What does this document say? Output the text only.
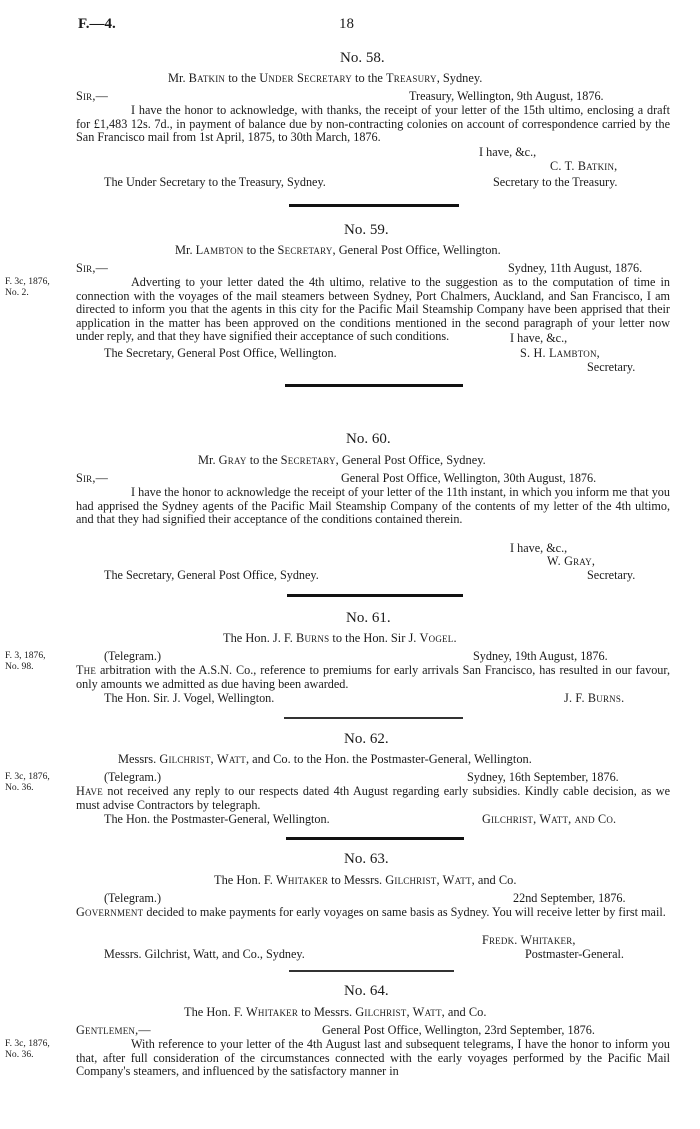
F.—4.	18
No. 58.
Mr. Batkin to the Under Secretary to the Treasury, Sydney.
Sir,—	Treasury, Wellington, 9th August, 1876.
I have the honor to acknowledge, with thanks, the receipt of your letter of the 15th ultimo, enclosing a draft for £1,483 12s. 7d., in payment of balance due by non-contracting colonies on account of correspondence carried by the San Francisco mail from 1st April, 1875, to 30th March, 1876.
I have, &c.,
C. T. Batkin,
The Under Secretary to the Treasury, Sydney.	Secretary to the Treasury.
No. 59.
Mr. Lambton to the Secretary, General Post Office, Wellington.
F. 3c, 1876,
No. 2.
Sir,—	Sydney, 11th August, 1876.
Adverting to your letter dated the 4th ultimo, relative to the suggestion as to the computation of time in connection with the voyages of the mail steamers between Sydney, Port Chalmers, Auckland, and San Francisco, I am directed to inform you that the agents in this city for the Pacific Mail Steamship Company have been apprised that their application in the matter has been approved on the conditions mentioned in the second paragraph of your letter now under reply, and that they have signified their acceptance of such conditions.	I have, &c.,
The Secretary, General Post Office, Wellington.	S. H. Lambton,
Secretary.
No. 60.
Mr. Gray to the Secretary, General Post Office, Sydney.
Sir,—	General Post Office, Wellington, 30th August, 1876.
I have the honor to acknowledge the receipt of your letter of the 11th instant, in which you inform me that you had apprised the Sydney agents of the Pacific Mail Steamship Company of the contents of my letter of the 4th ultimo, and that they had signified their acceptance of the conditions contained therein.
I have, &c.,
W. Gray,
The Secretary, General Post Office, Sydney.	Secretary.
No. 61.
The Hon. J. F. Burns to the Hon. Sir J. Vogel.
F. 3, 1876,
No. 98.
(Telegram.)	Sydney, 19th August, 1876.
The arbitration with the A.S.N. Co., reference to premiums for early arrivals San Francisco, has resulted in our favour, only amounts we admitted as due having been awarded.
The Hon. Sir. J. Vogel, Wellington.	J. F. Burns.
No. 62.
Messrs. Gilchrist, Watt, and Co. to the Hon. the Postmaster-General, Wellington.
F. 3c, 1876,
No. 36.
(Telegram.)	Sydney, 16th September, 1876.
Have not received any reply to our respects dated 4th August regarding early subsidies. Kindly cable decision, as we must advise Contractors by telegraph.
The Hon. the Postmaster-General, Wellington.	Gilchrist, Watt, and Co.
No. 63.
The Hon. F. Whitaker to Messrs. Gilchrist, Watt, and Co.
(Telegram.)	22nd September, 1876.
Government decided to make payments for early voyages on same basis as Sydney. You will receive letter by first mail.
Fredk. Whitaker,
Messrs. Gilchrist, Watt, and Co., Sydney.	Postmaster-General.
No. 64.
The Hon. F. Whitaker to Messrs. Gilchrist, Watt, and Co.
F. 3c, 1876,
No. 36.
Gentlemen,—	General Post Office, Wellington, 23rd September, 1876.
With reference to your letter of the 4th August last and subsequent telegrams, I have the honor to inform you that, after full consideration of the circumstances connected with the early voyages performed by the Pacific Mail Company's steamers, and influenced by the satisfactory manner in
